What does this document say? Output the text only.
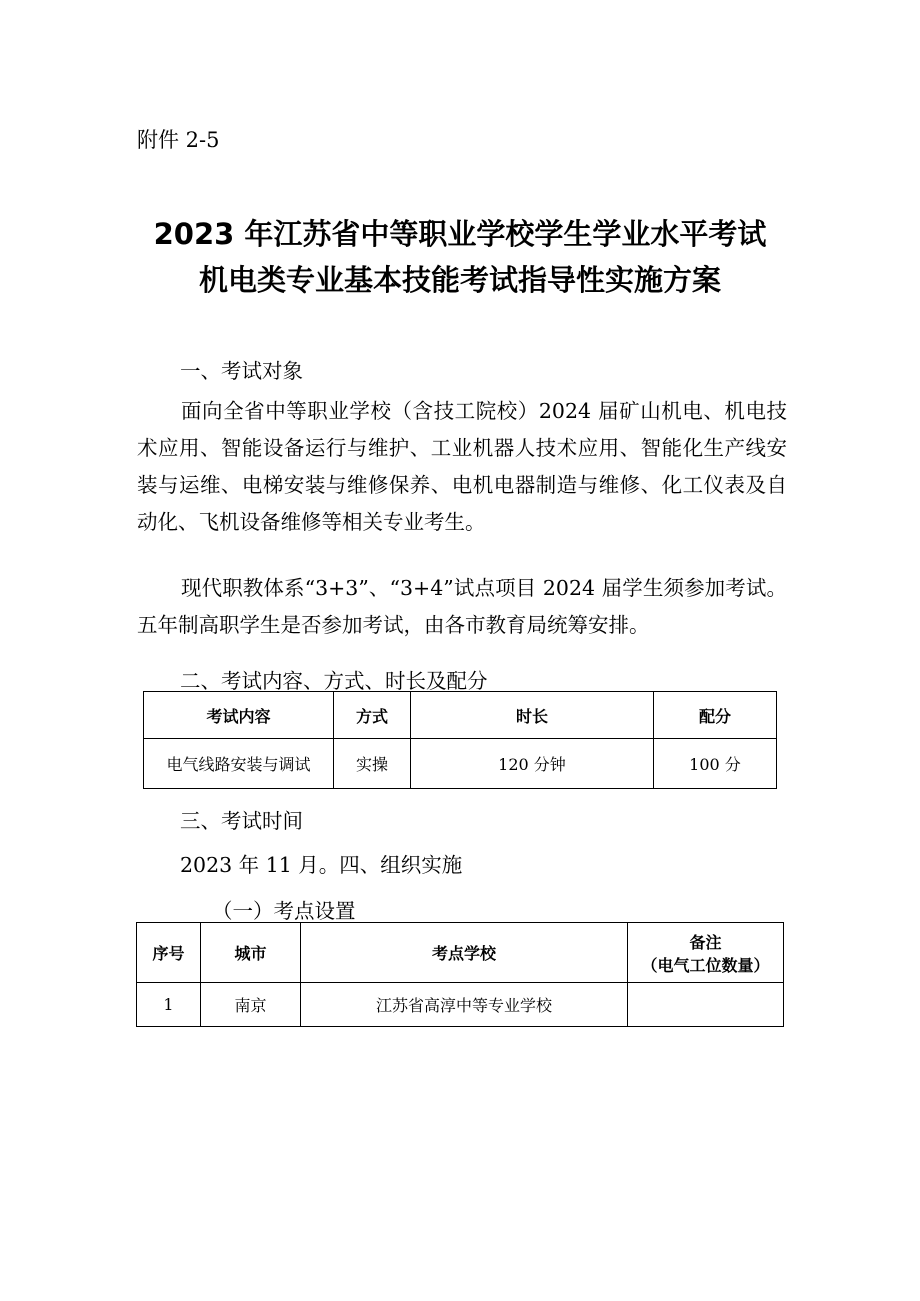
附件 2-5
2023 年江苏省中等职业学校学生学业水平考试
机电类专业基本技能考试指导性实施方案
一、考试对象
面向全省中等职业学校（含技工院校）2024 届矿山机电、机电技术应用、智能设备运行与维护、工业机器人技术应用、智能化生产线安装与运维、电梯安装与维修保养、电机电器制造与维修、化工仪表及自动化、飞机设备维修等相关专业考生。
现代职教体系“3+3”、“3+4”试点项目 2024 届学生须参加考试。五年制高职学生是否参加考试，由各市教育局统筹安排。
二、考试内容、方式、时长及配分
考试内容	方式	时长	配分
电气线路安装与调试	实操	120 分钟	100 分
三、考试时间
2023 年 11 月。四、组织实施
（一）考点设置
序号	城市	考点学校	备注
（电气工位数量）

1	南京	江苏省高淳中等专业学校	
